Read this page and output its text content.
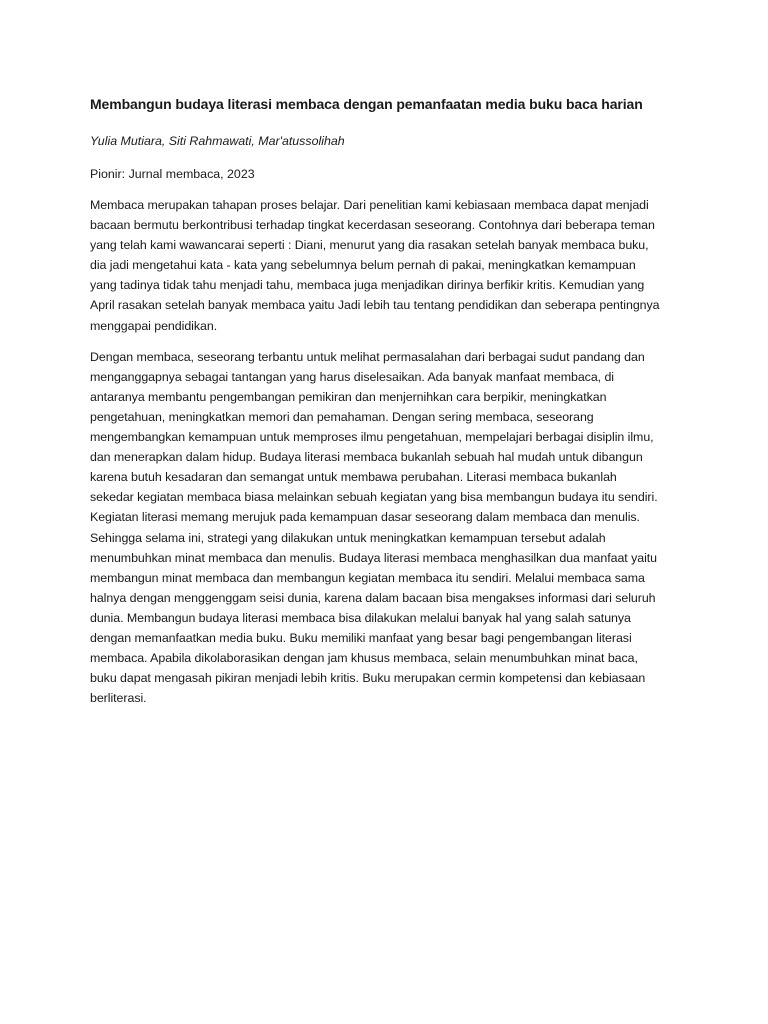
Membangun budaya literasi membaca dengan pemanfaatan media buku baca harian
Yulia Mutiara, Siti Rahmawati, Mar'atussolihah
Pionir: Jurnal membaca, 2023
Membaca merupakan tahapan proses belajar. Dari penelitian kami kebiasaan membaca dapat menjadi
bacaan bermutu berkontribusi terhadap tingkat kecerdasan seseorang. Contohnya dari beberapa teman
yang telah kami wawancarai seperti : Diani, menurut yang dia rasakan setelah banyak membaca buku,
dia jadi mengetahui kata - kata yang sebelumnya belum pernah di pakai, meningkatkan kemampuan
yang tadinya tidak tahu menjadi tahu, membaca juga menjadikan dirinya berfikir kritis. Kemudian yang
April rasakan setelah banyak membaca yaitu Jadi lebih tau tentang pendidikan dan seberapa pentingnya
menggapai pendidikan.
Dengan membaca, seseorang terbantu untuk melihat permasalahan dari berbagai sudut pandang dan
menganggapnya sebagai tantangan yang harus diselesaikan. Ada banyak manfaat membaca, di
antaranya membantu pengembangan pemikiran dan menjernihkan cara berpikir, meningkatkan
pengetahuan, meningkatkan memori dan pemahaman. Dengan sering membaca, seseorang
mengembangkan kemampuan untuk memproses ilmu pengetahuan, mempelajari berbagai disiplin ilmu,
dan menerapkan dalam hidup. Budaya literasi membaca bukanlah sebuah hal mudah untuk dibangun
karena butuh kesadaran dan semangat untuk membawa perubahan. Literasi membaca bukanlah
sekedar kegiatan membaca biasa melainkan sebuah kegiatan yang bisa membangun budaya itu sendiri.
Kegiatan literasi memang merujuk pada kemampuan dasar seseorang dalam membaca dan menulis.
Sehingga selama ini, strategi yang dilakukan untuk meningkatkan kemampuan tersebut adalah
menumbuhkan minat membaca dan menulis. Budaya literasi membaca menghasilkan dua manfaat yaitu
membangun minat membaca dan membangun kegiatan membaca itu sendiri. Melalui membaca sama
halnya dengan menggenggam seisi dunia, karena dalam bacaan bisa mengakses informasi dari seluruh
dunia. Membangun budaya literasi membaca bisa dilakukan melalui banyak hal yang salah satunya
dengan memanfaatkan media buku. Buku memiliki manfaat yang besar bagi pengembangan literasi
membaca. Apabila dikolaborasikan dengan jam khusus membaca, selain menumbuhkan minat baca,
buku dapat mengasah pikiran menjadi lebih kritis. Buku merupakan cermin kompetensi dan kebiasaan
berliterasi.
